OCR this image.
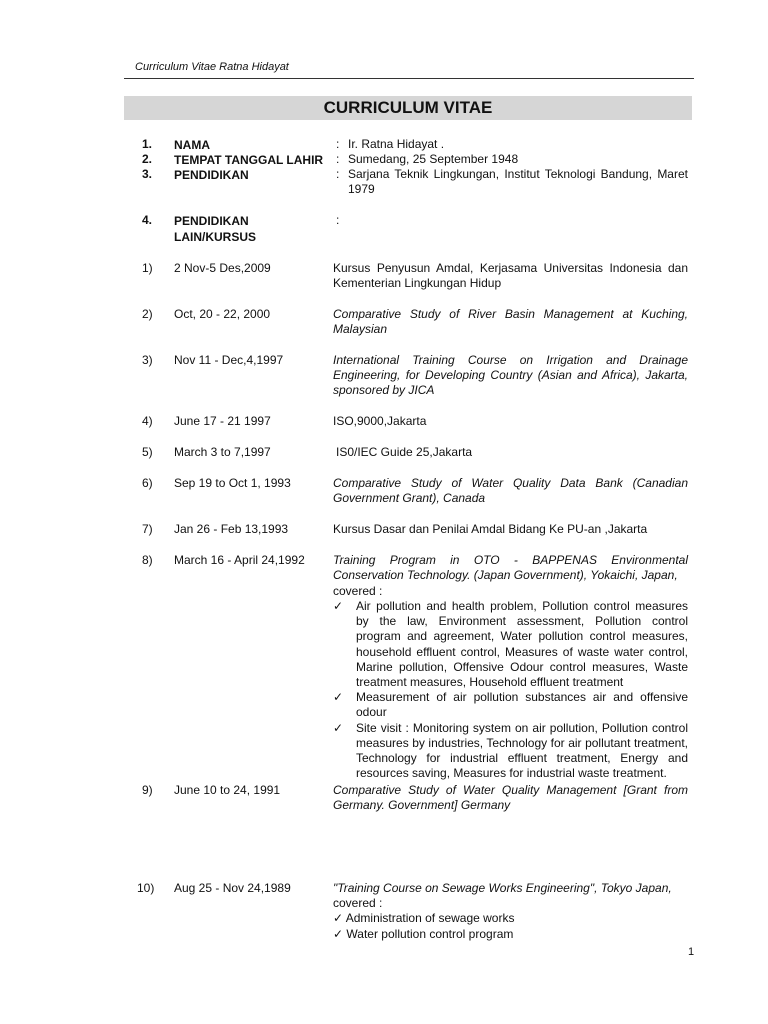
Curriculum Vitae Ratna Hidayat
CURRICULUM VITAE
1. NAMA	: Ir. Ratna Hidayat .
2. TEMPAT TANGGAL LAHIR : Sumedang, 25 September 1948
3. PENDIDIKAN	: Sarjana Teknik Lingkungan, Institut Teknologi Bandung, Maret 1979
4. PENDIDIKAN LAIN/KURSUS
:
1) 2 Nov-5 Des,2009	Kursus Penyusun Amdal, Kerjasama Universitas Indonesia dan Kementerian Lingkungan Hidup
2) Oct, 20 - 22, 2000	Comparative Study of River Basin Management at Kuching, Malaysian
3) Nov 11 - Dec,4,1997	International Training Course on Irrigation and Drainage Engineering, for Developing Country (Asian and Africa), Jakarta, sponsored by JICA
4) June 17 - 21 1997	ISO,9000,Jakarta
5) March 3 to 7,1997	IS0/IEC Guide 25,Jakarta
6) Sep 19 to Oct 1, 1993	Comparative Study of Water Quality Data Bank (Canadian Government Grant), Canada
7) Jan 26 - Feb 13,1993	Kursus Dasar dan Penilai Amdal Bidang Ke PU-an ,Jakarta
8) March 16 - April 24,1992 Training Program in OTO - BAPPENAS Environmental Conservation Technology. (Japan Government), Yokaichi, Japan,
covered :
✓ Air pollution and health problem, Pollution control measures by the law, Environment assessment, Pollution control program and agreement, Water pollution control measures, household effluent control, Measures of waste water control, Marine pollution, Offensive Odour control measures, Waste treatment measures, Household effluent treatment
✓ Measurement of air pollution substances air and offensive odour
✓ Site visit : Monitoring system on air pollution, Pollution control measures by industries, Technology for air pollutant treatment, Technology for industrial effluent treatment, Energy and resources saving, Measures for industrial waste treatment.
9) June 10 to 24, 1991	Comparative Study of Water Quality Management [Grant from Germany. Government] Germany
10) Aug 25 - Nov 24,1989	"Training Course on Sewage Works Engineering", Tokyo Japan,
covered :
✓ Administration of sewage works
✓ Water pollution control program
1
